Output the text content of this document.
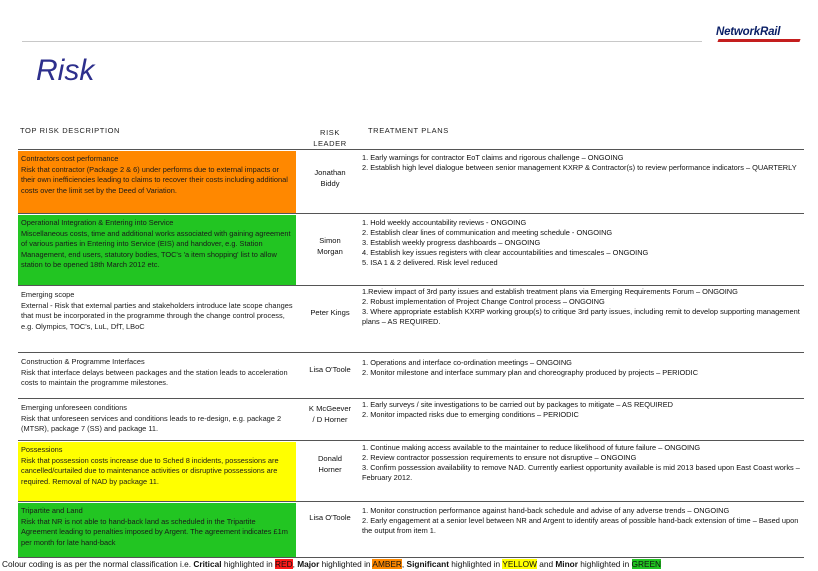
NetworkRail
Risk
TOP RISK DESCRIPTION	RISK
LEADER
TREATMENT PLANS
Contractors cost performance
Risk that contractor (Package 2 & 6) under performs due to external impacts or their own inefficiencies leading to claims to recover their costs including additional costs over the limit set by the Deed of Variation.
Jonathan
Biddy
1. Early warnings for contractor EoT claims and rigorous challenge – ONGOING
2. Establish high level dialogue between senior management KXRP & Contractor(s) to review performance indicators – QUARTERLY
Operational Integration & Entering into Service
Miscellaneous costs, time and additional works associated with gaining agreement of various parties in Entering into Service (EIS) and handover, e.g. Station Management, end users, statutory bodies, TOC's 'a item shopping' list to allow station to be opened 18th March 2012 etc.
Simon
Morgan
1. Hold weekly accountability reviews - ONGOING
2. Establish clear lines of communication and meeting schedule - ONGOING
3. Establish weekly progress dashboards – ONGOING
4. Establish key issues registers with clear accountabilities and timescales – ONGOING
5. ISA 1 & 2 delivered. Risk level reduced
Emerging scope
External - Risk that external parties and stakeholders introduce late scope changes that must be incorporated in the programme through the change control process, e.g. Olympics, TOC's, LuL, DfT, LBoC
Peter Kings
1.Review impact of 3rd party issues and establish treatment plans via Emerging Requirements Forum – ONGOING
2. Robust implementation of Project Change Control process – ONGOING
3. Where appropriate establish KXRP working group(s) to critique 3rd party issues, including remit to develop supporting management plans – AS REQUIRED.
Construction & Programme Interfaces
Risk that interface delays between packages and the station leads to acceleration costs to maintain the programme milestones.
Lisa O'Toole
1. Operations and interface co-ordination meetings – ONGOING
2. Monitor milestone and interface summary plan and choreography produced by projects – PERIODIC
Emerging unforeseen conditions
Risk that unforeseen services and conditions leads to re-design, e.g. package 2 (MTSR), package 7 (SS) and package 11.
K McGeever
/ D Horner
1. Early surveys / site investigations to be carried out by packages to mitigate – AS REQUIRED
2. Monitor impacted risks due to emerging conditions – PERIODIC
Possessions
Risk that possession costs increase due to Sched 8 incidents, possessions are cancelled/curtailed due to maintenance activities or disruptive possessions are required. Removal of NAD by package 11.
Donald
Horner
1. Continue making access available to the maintainer to reduce likelihood of future failure – ONGOING
2. Review contractor possession requirements to ensure not disruptive – ONGOING
3. Confirm possession availability to remove NAD. Currently earliest opportunity available is mid 2013 based upon East Coast works – February 2012.
Tripartite and Land
Risk that NR is not able to hand-back land as scheduled in the Tripartite Agreement leading to penalties imposed by Argent. The agreement indicates £1m per month for late hand-back
Lisa O'Toole
1. Monitor construction performance against hand-back schedule and advise of any adverse trends – ONGOING
2. Early engagement at a senior level between NR and Argent to identify areas of possible hand-back extension of time – Based upon the output from item 1.
Colour coding is as per the normal classification i.e. Critical highlighted in RED, Major highlighted in AMBER, Significant highlighted in YELLOW and Minor highlighted in GREEN
